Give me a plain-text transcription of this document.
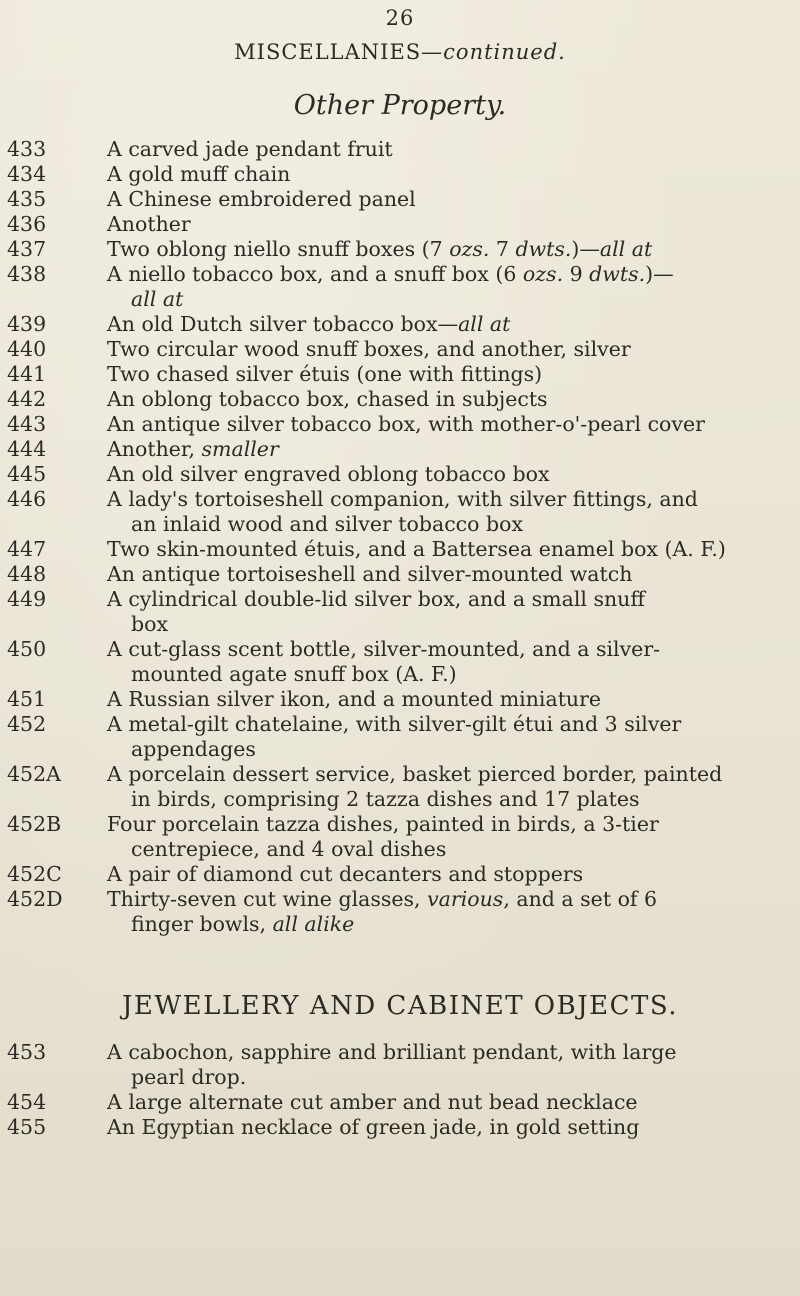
26
MISCELLANIES—continued.
Other Property.
433	A carved jade pendant fruit
434	A gold muff chain
435	A Chinese embroidered panel
436	Another
437	Two oblong niello snuff boxes (7 ozs. 7 dwts.)—all at
438	A niello tobacco box, and a snuff box (6 ozs. 9 dwts.)—
all at
439	An old Dutch silver tobacco box—all at
440	Two circular wood snuff boxes, and another, silver
441	Two chased silver étuis (one with fittings)
442	An oblong tobacco box, chased in subjects
443	An antique silver tobacco box, with mother-o'-pearl cover
444	Another, smaller
445	An old silver engraved oblong tobacco box
446	A lady's tortoiseshell companion, with silver fittings, and
an inlaid wood and silver tobacco box
447	Two skin-mounted étuis, and a Battersea enamel box (A. F.)
448	An antique tortoiseshell and silver-mounted watch
449	A cylindrical double-lid silver box, and a small snuff
box
450	A cut-glass scent bottle, silver-mounted, and a silver-
mounted agate snuff box (A. F.)
451	A Russian silver ikon, and a mounted miniature
452	A metal-gilt chatelaine, with silver-gilt étui and 3 silver
appendages
452A	A porcelain dessert service, basket pierced border, painted
in birds, comprising 2 tazza dishes and 17 plates
452B	Four porcelain tazza dishes, painted in birds, a 3-tier
centrepiece, and 4 oval dishes
452C	A pair of diamond cut decanters and stoppers
452D	Thirty-seven cut wine glasses, various, and a set of 6
finger bowls, all alike
JEWELLERY AND CABINET OBJECTS.
453	A cabochon, sapphire and brilliant pendant, with large
pearl drop.
454	A large alternate cut amber and nut bead necklace
455	An Egyptian necklace of green jade, in gold setting
